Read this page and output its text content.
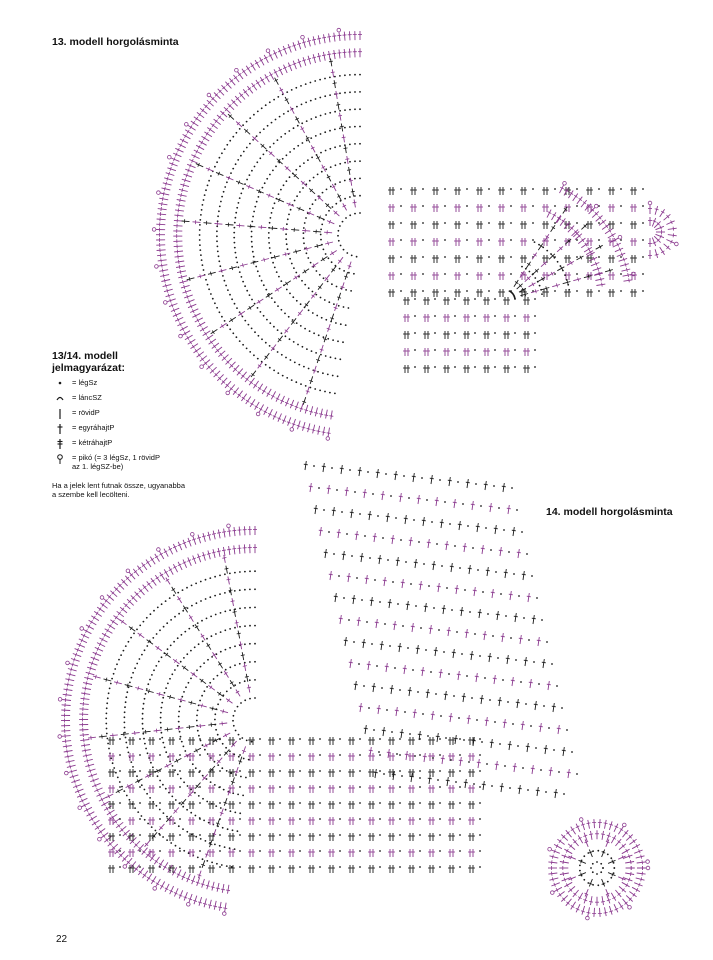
13. modell horgolásminta
14. modell horgolásminta
13/14. modell
jelmagyarázat:
= légSz
= láncSZ
= rövidP
= egyráhajtP
= kétráhajtP
= pikó (= 3 légSz, 1 rövidP
az 1. légSZ-be)
Ha a jelek lent futnak össze, ugyanabba
a szembe kell lecölteni.
22
